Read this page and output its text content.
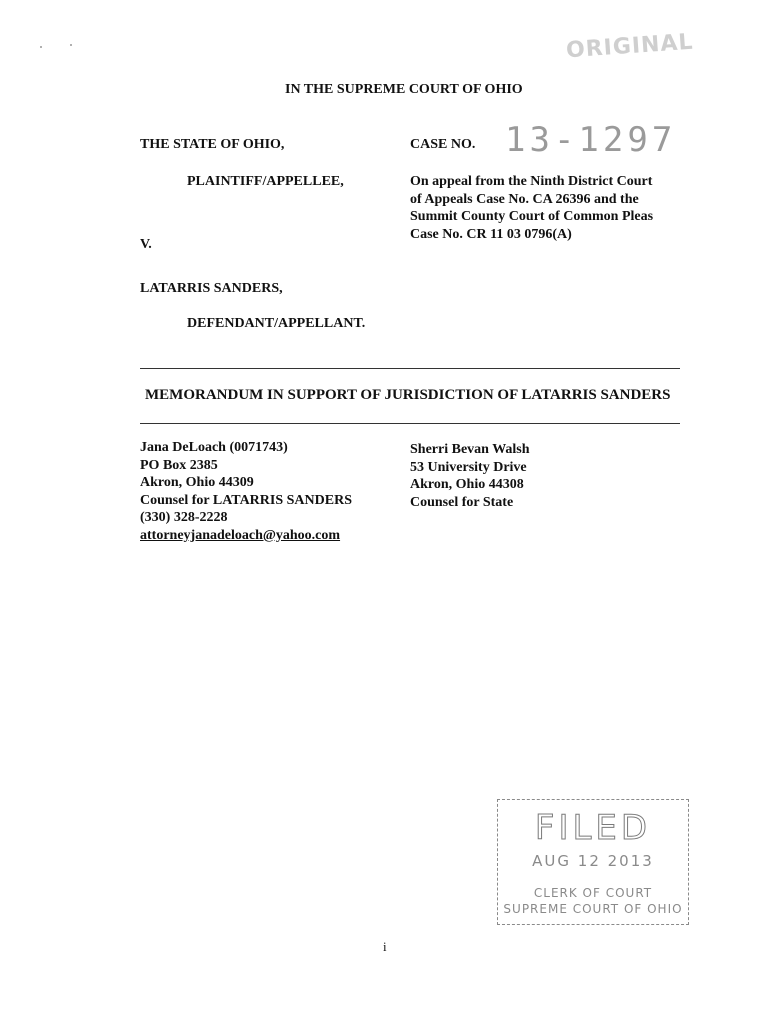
ORIGINAL
IN THE SUPREME COURT OF OHIO
THE STATE OF OHIO,
PLAINTIFF/APPELLEE,
V.
LATARRIS SANDERS,
DEFENDANT/APPELLANT.
CASE NO. 13-1297
On appeal from the Ninth District Court
of Appeals Case No. CA 26396 and the
Summit County Court of Common Pleas
Case No. CR 11 03 0796(A)
MEMORANDUM IN SUPPORT OF JURISDICTION OF LATARRIS SANDERS
Jana DeLoach (0071743)
PO Box 2385
Akron, Ohio 44309
Counsel for LATARRIS SANDERS
(330) 328-2228
attorneyjanadeloach@yahoo.com
Sherri Bevan Walsh
53 University Drive
Akron, Ohio 44308
Counsel for State
FILED
AUG 12 2013
CLERK OF COURT
SUPREME COURT OF OHIO
i
